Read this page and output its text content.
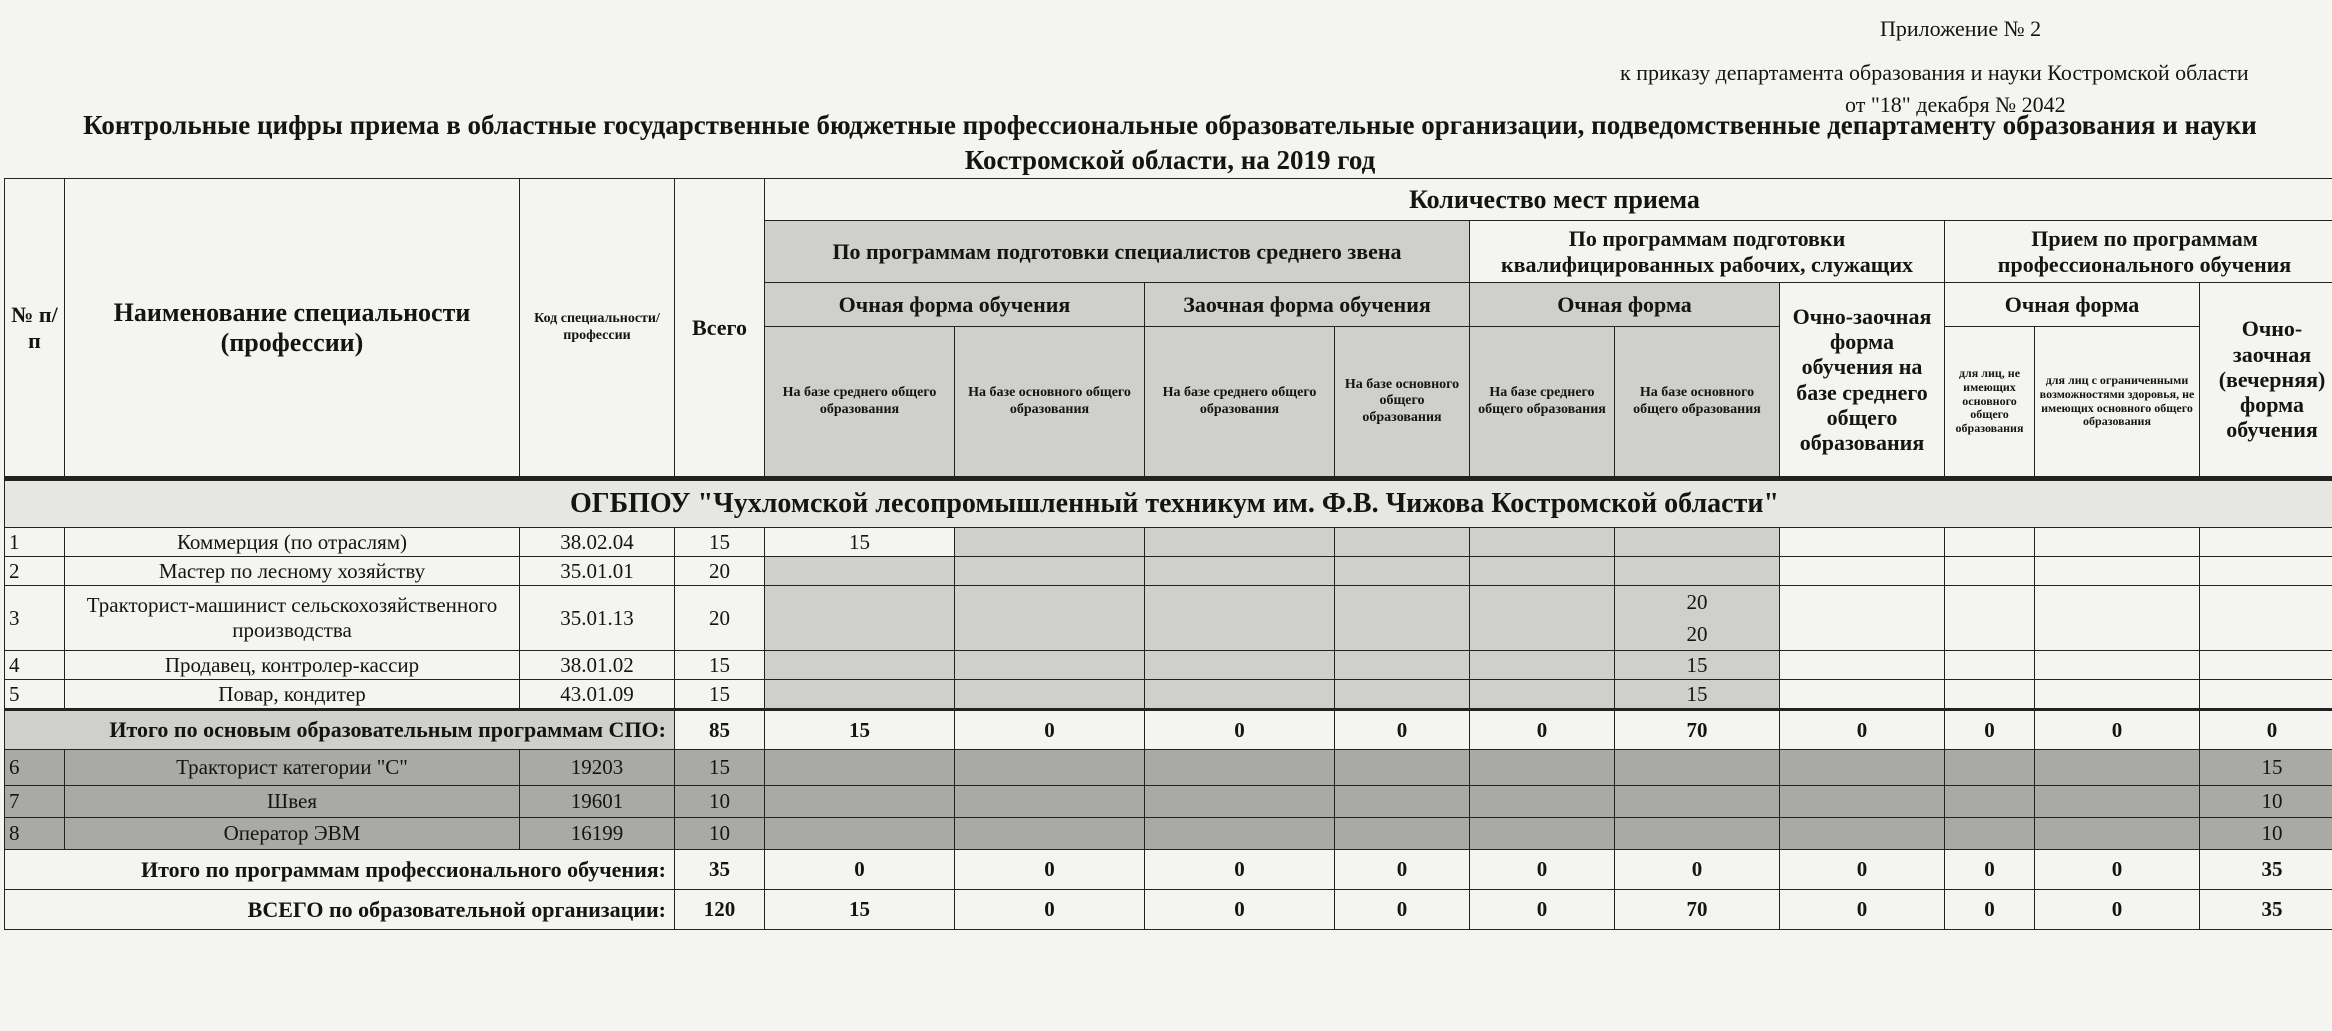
Приложение № 2
к приказу департамента образования и науки Костромской области
от "18" декабря № 2042
Контрольные цифры приема в областные государственные бюджетные профессиональные образовательные организации, подведомственные департаменту образования и науки Костромской области, на 2019 год
№ п/п	Наименование специальности (профессии)	Код специальности/ профессии	Всего	Количество мест приема									
				По программам подготовки специалистов среднего звена				По программам подготовки квалифицированных рабочих, служащих			Прием по программам профессионального обучения		
				Очная форма обучения		Заочная форма обучения		Очная форма		Очно-заочная форма обучения на базе среднего общего образования	Очная форма		Очно-заочная (вечерняя) форма обучения
				На базе среднего общего образования	На базе основного общего образования	На базе среднего общего образования	На базе основного общего образования	На базе среднего общего образования	На базе основного общего образования		для лиц, не имеющих основного общего образования	для лиц с ограниченными возможностями здоровья, не имеющих основного общего образования	
ОГБПОУ "Чухломской лесопромышленный техникум им. Ф.В. Чижова Костромской области"													
1	Коммерция (по отраслям)	38.02.04	15	15									
2	Мастер по лесному хозяйству	35.01.01	20										
3	Тракторист-машинист сельскохозяйственного производства	35.01.13	20						20
20				
4	Продавец, контролер-кассир	38.01.02	15						15				
5	Повар, кондитер	43.01.09	15						15				
Итого по основым образовательным программам СПО:			85	15	0	0	0	0	70	0	0	0	0
6	Тракторист категории "С"	19203	15										15
7	Швея	19601	10										10
8	Оператор ЭВМ	16199	10										10
Итого по программам профессионального обучения:			35	0	0	0	0	0	0	0	0	0	35
ВСЕГО по образовательной организации:			120	15	0	0	0	0	70	0	0	0	35
